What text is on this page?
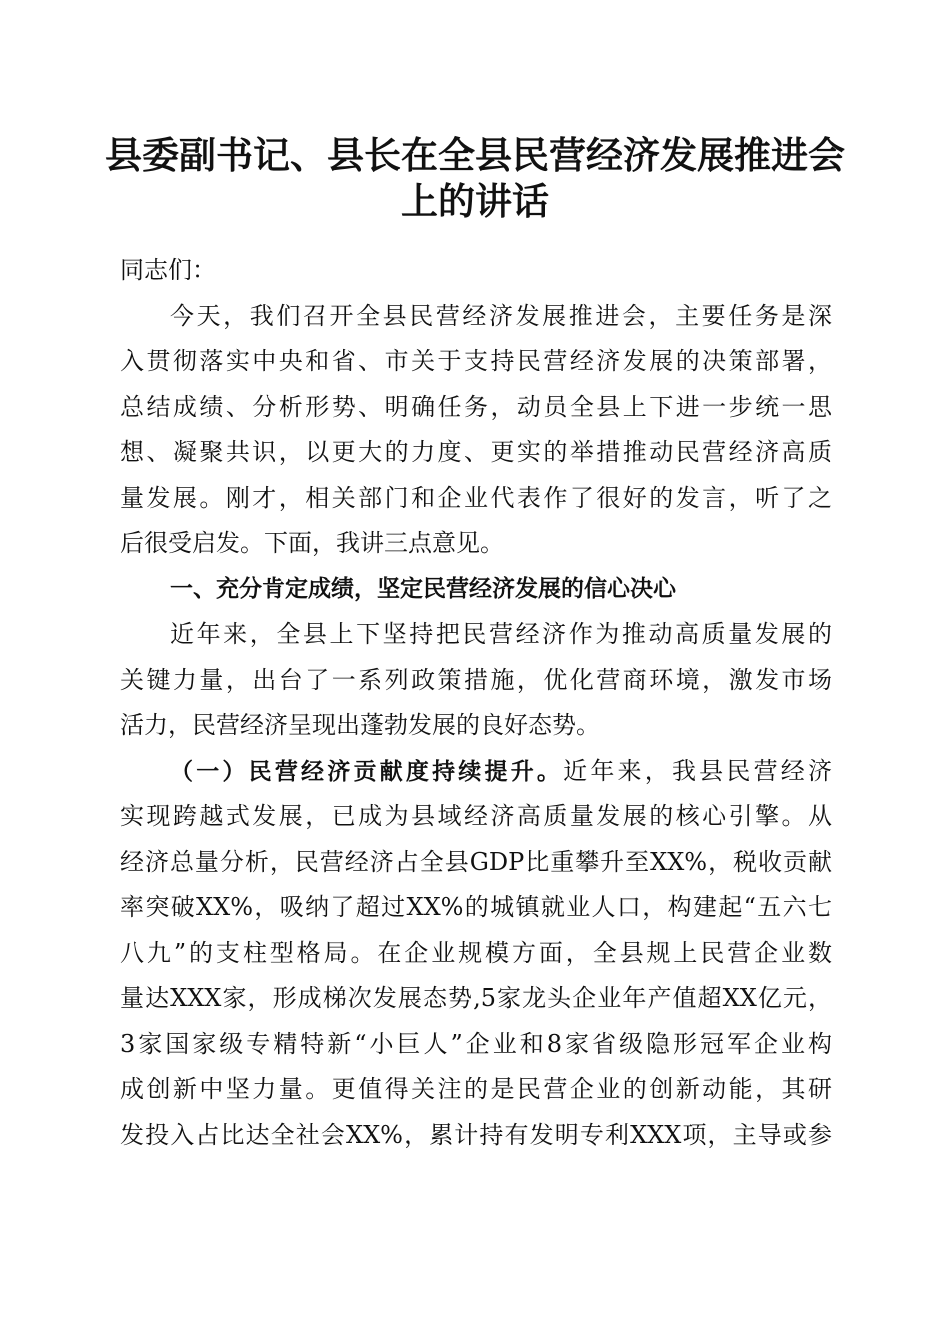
县委副书记、县长在全县民营经济发展推进会
上的讲话

同志们：

今天，我们召开全县民营经济发展推进会，主要任务是深
入贯彻落实中央和省、市关于支持民营经济发展的决策部署，
总结成绩、分析形势、明确任务，动员全县上下进一步统一思
想、凝聚共识，以更大的力度、更实的举措推动民营经济高质
量发展。刚才，相关部门和企业代表作了很好的发言，听了之
后很受启发。下面，我讲三点意见。

一、充分肯定成绩，坚定民营经济发展的信心决心

近年来，全县上下坚持把民营经济作为推动高质量发展的
关键力量，出台了一系列政策措施，优化营商环境，激发市场
活力，民营经济呈现出蓬勃发展的良好态势。

（一）民营经济贡献度持续提升。近年来，我县民营经济
实现跨越式发展，已成为县域经济高质量发展的核心引擎。从
经济总量分析，民营经济占全县GDP比重攀升至XX%，税收贡献
率突破XX%，吸纳了超过XX%的城镇就业人口，构建起“五六七
八九”的支柱型格局。在企业规模方面，全县规上民营企业数
量达XXX家，形成梯次发展态势,5家龙头企业年产值超XX亿元，
3家国家级专精特新“小巨人”企业和8家省级隐形冠军企业构
成创新中坚力量。更值得关注的是民营企业的创新动能，其研
发投入占比达全社会XX%，累计持有发明专利XXX项，主导或参
